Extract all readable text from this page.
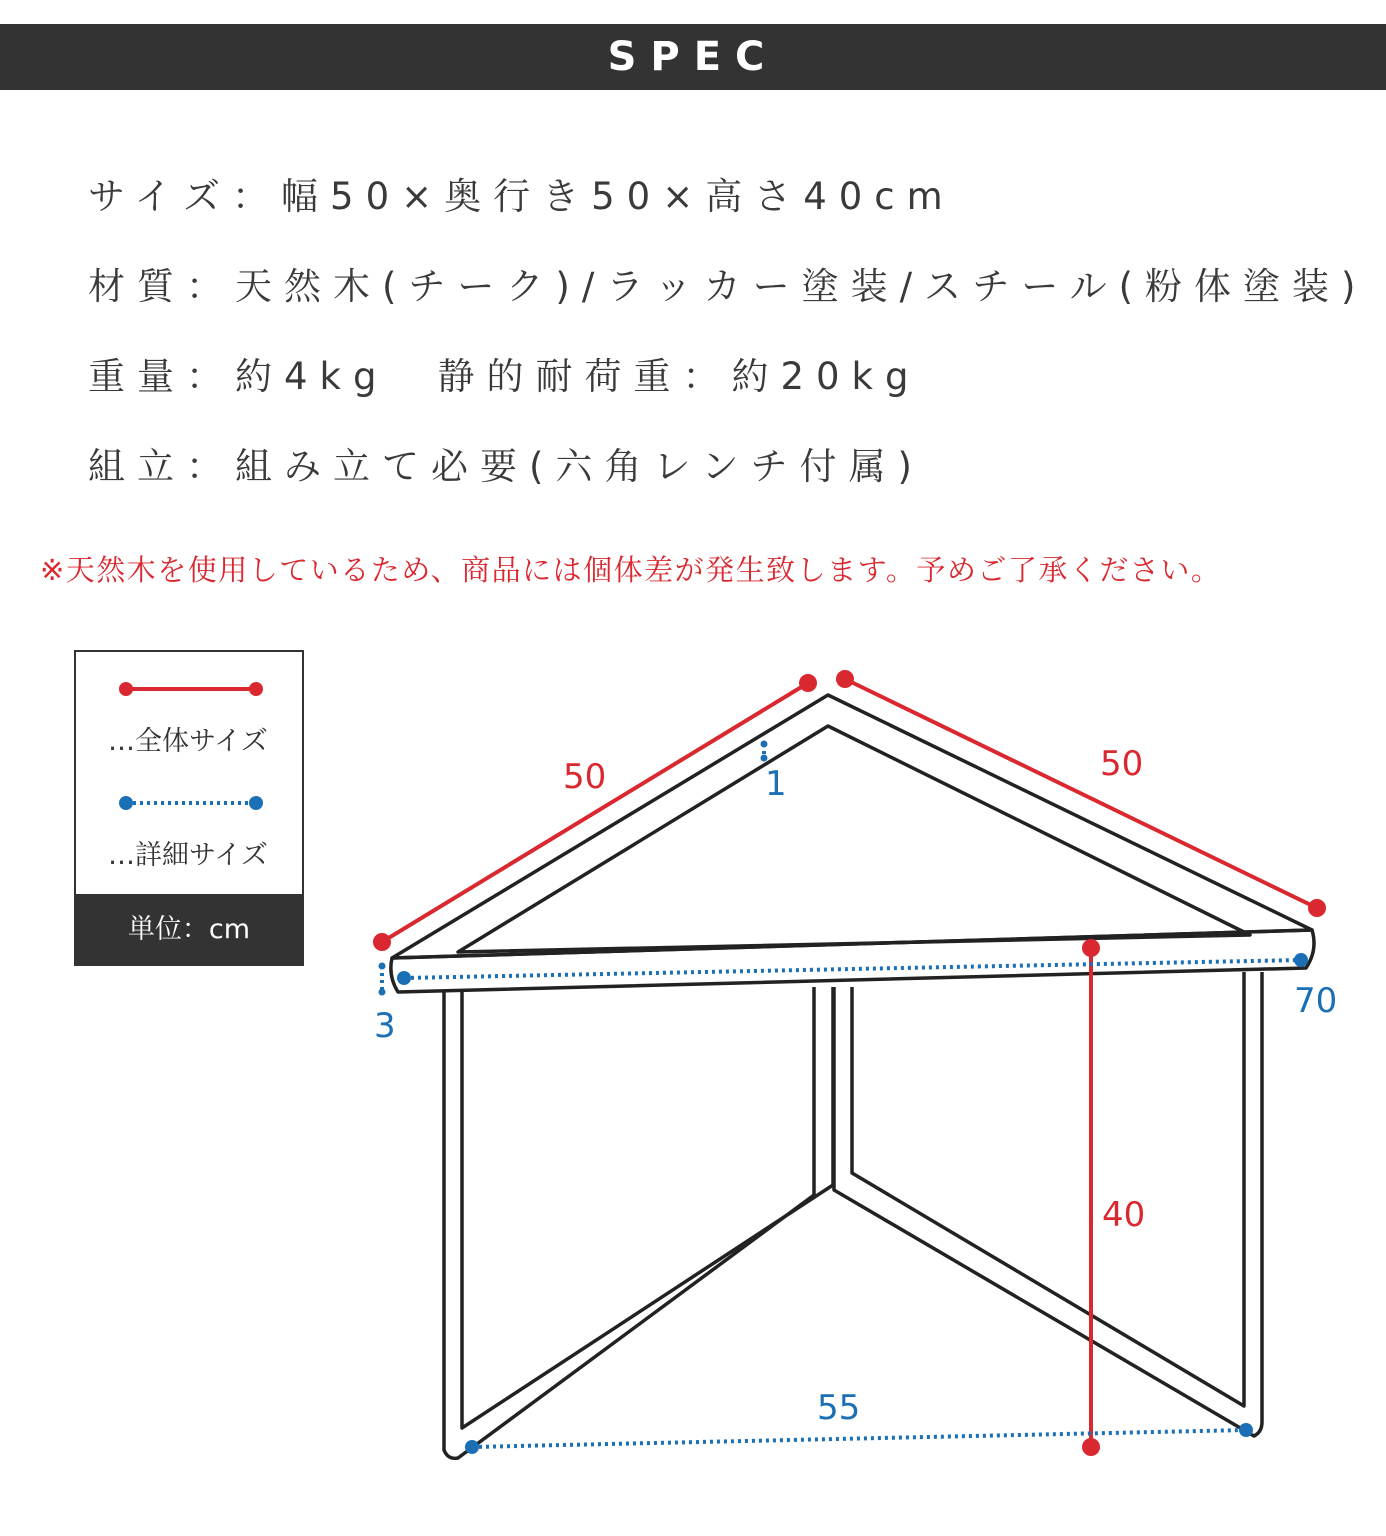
SPEC
サイズ：幅50×奥行き50×高さ40cm
材質：天然木(チーク)/ラッカー塗装/スチール(粉体塗装)
重量：約4kg　静的耐荷重：約20kg
組立：組み立て必要(六角レンチ付属)
※天然木を使用しているため、商品には個体差が発生致します。予めご了承ください。
…全体サイズ
…詳細サイズ
単位：cm
50	50
40
1
3
70
55
